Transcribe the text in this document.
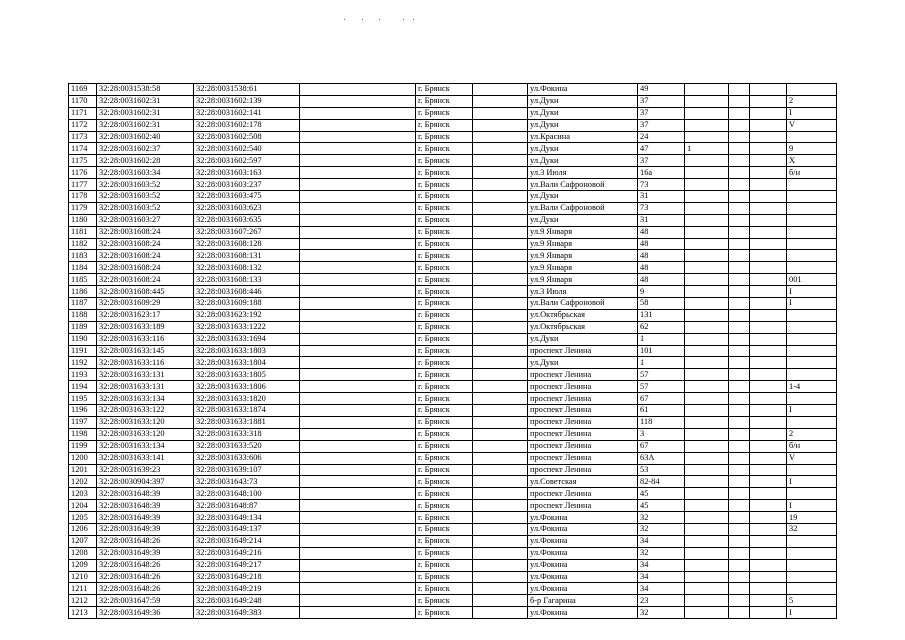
1169	32:28:0031538:58	32:28:0031538:61		г. Брянск		ул.Фокина	49				
1170	32:28:0031602:31	32:28:0031602:139		г. Брянск		ул.Дуки	37				2
1171	32:28:0031602:31	32:28:0031602:141		г. Брянск		ул.Дуки	37				I
1172	32:28:0031602:31	32:28:0031602:178		г. Брянск		ул.Дуки	37				V
1173	32:28:0031602:40	32:28:0031602:508		г. Брянск		ул.Красина	24				
1174	32:28:0031602:37	32:28:0031602:540		г. Брянск		ул.Дуки	47	1			9
1175	32:28:0031602:28	32:28:0031602:597		г. Брянск		ул.Дуки	37				X
1176	32:28:0031603:34	32:28:0031603:163		г. Брянск		ул.3 Июля	16а				б/н
1177	32:28:0031603:52	32:28:0031603:237		г. Брянск		ул.Вали Сафроновой	73				
1178	32:28:0031603:52	32:28:0031603:475		г. Брянск		ул.Дуки	31				
1179	32:28:0031603:52	32:28:0031603:623		г. Брянск		ул.Вали Сафроновой	73				
1180	32:28:0031603:27	32:28:0031603:635		г. Брянск		ул.Дуки	31				
1181	32:28:0031608:24	32:28:0031607:267		г. Брянск		ул.9 Января	48				
1182	32:28:0031608:24	32:28:0031608:128		г. Брянск		ул.9 Января	48				
1183	32:28:0031608:24	32:28:0031608:131		г. Брянск		ул.9 Января	48				
1184	32:28:0031608:24	32:28:0031608:132		г. Брянск		ул.9 Января	48				
1185	32:28:0031608:24	32:28:0031608:133		г. Брянск		ул.9 Января	48				001
1186	32:28:0031608:445	32:28:0031608:446		г. Брянск		ул.3 Июля	9				I
1187	32:28:0031609:29	32:28:0031609:188		г. Брянск		ул.Вали Сафроновой	58				I
1188	32:28:0031623:17	32:28:0031623:192		г. Брянск		ул.Октябрьская	131				
1189	32:28:0031633:189	32:28:0031633:1222		г. Брянск		ул.Октябрьская	62				
1190	32:28:0031633:116	32:28:0031633:1694		г. Брянск		ул.Дуки	1				
1191	32:28:0031633:145	32:28:0031633:1803		г. Брянск		проспект Ленина	101				
1192	32:28:0031633:116	32:28:0031633:1804		г. Брянск		ул.Дуки	1				
1193	32:28:0031633:131	32:28:0031633:1805		г. Брянск		проспект Ленина	57				
1194	32:28:0031633:131	32:28:0031633:1806		г. Брянск		проспект Ленина	57				1-4
1195	32:28:0031633:134	32:28:0031633:1820		г. Брянск		проспект Ленина	67				
1196	32:28:0031633:122	32:28:0031633:1874		г. Брянск		проспект Ленина	61				I
1197	32:28:0031633:120	32:28:0031633:1881		г. Брянск		проспект Ленина	118				
1198	32:28:0031633:120	32:28:0031633:318		г. Брянск		проспект Ленина	3				2
1199	32:28:0031633:134	32:28:0031633:520		г. Брянск		проспект Ленина	67				б/н
1200	32:28:0031633:141	32:28:0031633:606		г. Брянск		проспект Ленина	63А				V
1201	32:28:0031639:23	32:28:0031639:107		г. Брянск		проспект Ленина	53				
1202	32:28:0030904:397	32:28:0031643:73		г. Брянск		ул.Советская	82-84				I
1203	32:28:0031648:39	32:28:0031648:100		г. Брянск		проспект Ленина	45				
1204	32:28:0031648:39	32:28:0031648:87		г. Брянск		проспект Ленина	45				I
1205	32:28:0031649:39	32:28:0031649:134		г. Брянск		ул.Фокина	32				19
1206	32:28:0031649:39	32:28:0031649:137		г. Брянск		ул.Фокина	32				32
1207	32:28:0031648:26	32:28:0031649:214		г. Брянск		ул.Фокина	34				
1208	32:28:0031649:39	32:28:0031649:216		г. Брянск		ул.Фокина	32				
1209	32:28:0031648:26	32:28:0031649:217		г. Брянск		ул.Фокина	34				
1210	32:28:0031648:26	32:28:0031649:218		г. Брянск		ул.Фокина	34				
1211	32:28:0031648:26	32:28:0031649:219		г. Брянск		ул.Фокина	34				
1212	32:28:0031647:59	32:28:0031649:248		г. Брянск		б-р Гагарина	23				5
1213	32:28:0031649:36	32:28:0031649:383		г. Брянск		ул.Фокина	32				I
